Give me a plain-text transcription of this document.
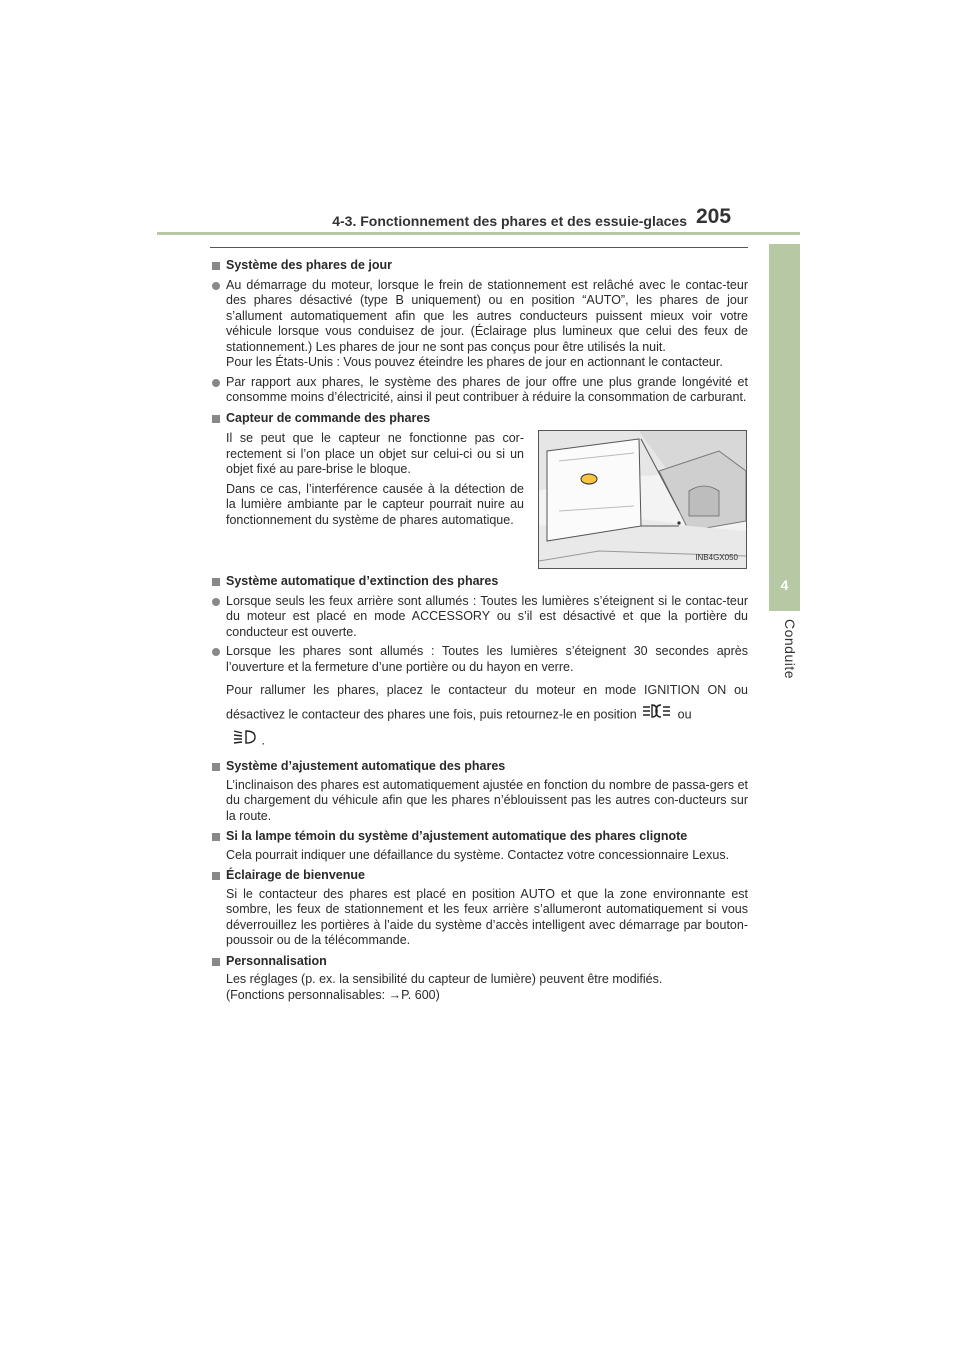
4-3. Fonctionnement des phares et des essuie-glaces 205
4
Conduite
Système des phares de jour

Au démarrage du moteur, lorsque le frein de stationnement est relâché avec le contac-teur des phares désactivé (type B uniquement) ou en position “AUTO”, les phares de jour s’allument automatiquement afin que les autres conducteurs puissent mieux voir votre véhicule lorsque vous conduisez de jour. (Éclairage plus lumineux que celui des feux de stationnement.) Les phares de jour ne sont pas conçus pour être utilisés la nuit.

Pour les États-Unis : Vous pouvez éteindre les phares de jour en actionnant le contacteur.

Par rapport aux phares, le système des phares de jour offre une plus grande longévité et consomme moins d’électricité, ainsi il peut contribuer à réduire la consommation de carburant.

Capteur de commande des phares

Il se peut que le capteur ne fonctionne pas cor-rectement si l’on place un objet sur celui-ci ou si un objet fixé au pare-brise le bloque.

Dans ce cas, l’interférence causée à la détection de la lumière ambiante par le capteur pourrait nuire au fonctionnement du système de phares automatique.

INB4GX050
Système automatique d’extinction des phares

Lorsque seuls les feux arrière sont allumés : Toutes les lumières s’éteignent si le contac-teur du moteur est placé en mode ACCESSORY ou s’il est désactivé et que la portière du conducteur est ouverte.

Lorsque les phares sont allumés : Toutes les lumières s’éteignent 30 secondes après l’ouverture et la fermeture d’une portière ou du hayon en verre.

Pour rallumer les phares, placez le contacteur du moteur en mode IGNITION ON ou désactivez le contacteur des phares une fois, puis retournez-le en position	ou
.
Système d’ajustement automatique des phares
L’inclinaison des phares est automatiquement ajustée en fonction du nombre de passa-gers et du chargement du véhicule afin que les phares n’éblouissent pas les autres con-ducteurs sur la route.
Si la lampe témoin du système d’ajustement automatique des phares clignote
Cela pourrait indiquer une défaillance du système. Contactez votre concessionnaire Lexus.
Éclairage de bienvenue
Si le contacteur des phares est placé en position AUTO et que la zone environnante est sombre, les feux de stationnement et les feux arrière s’allumeront automatiquement si vous déverrouillez les portières à l’aide du système d’accès intelligent avec démarrage par bouton-poussoir ou de la télécommande.
Personnalisation
Les réglages (p. ex. la sensibilité du capteur de lumière) peuvent être modifiés.
(Fonctions personnalisables: →P. 600)
